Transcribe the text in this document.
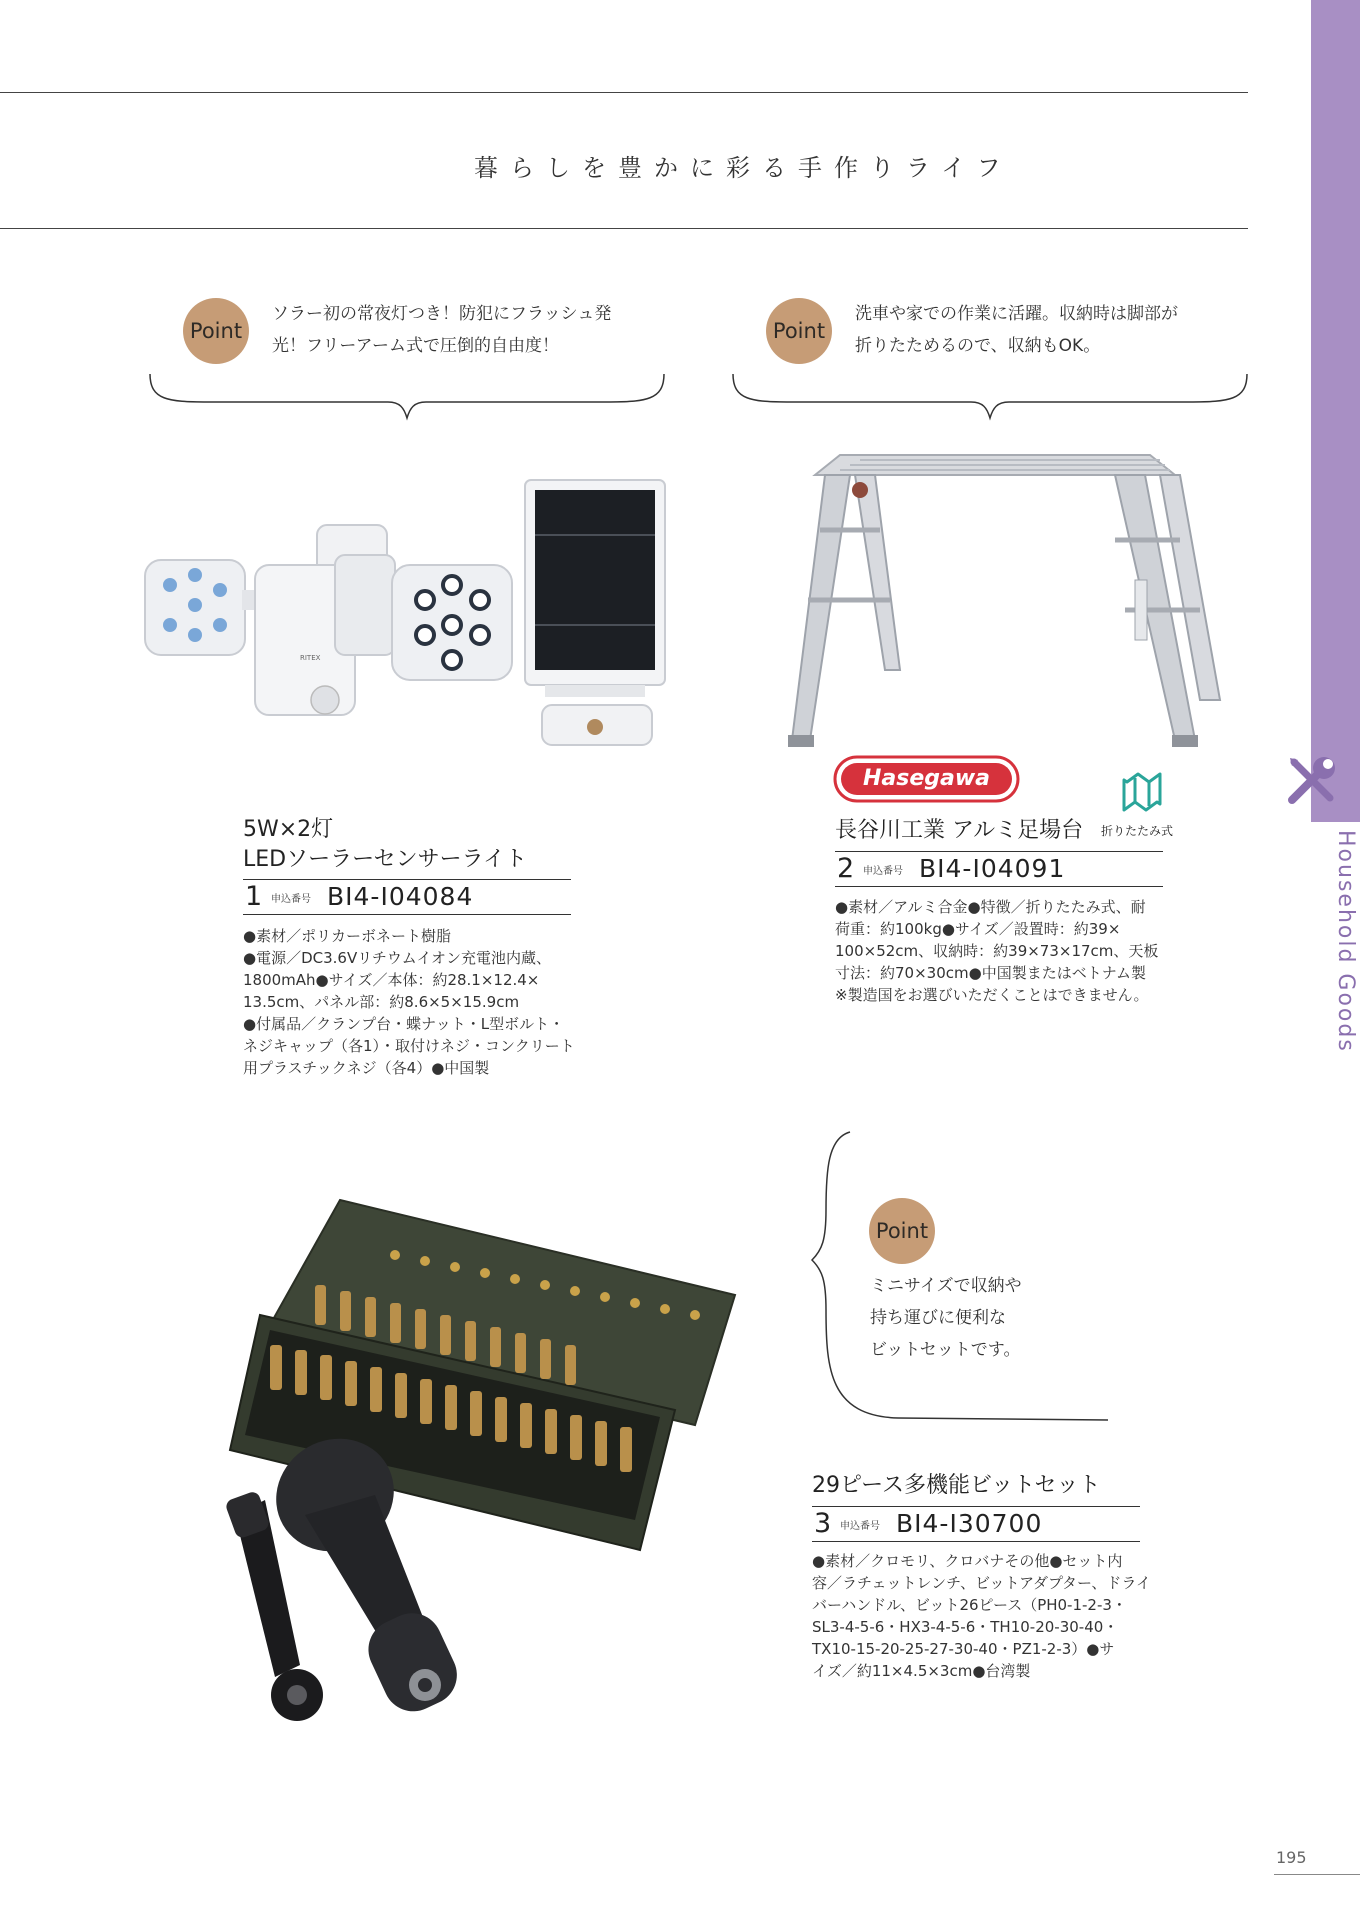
暮らしを豊かに彩る手作りライフ
Household Goods
Point
ソラー初の常夜灯つき！防犯にフラッシュ発
光！フリーアーム式で圧倒的自由度！
RITEX
5W×2灯
LEDソーラーセンサーライト
1 申込番号 BI4-I04084
●素材／ポリカーボネート樹脂
●電源／DC3.6Vリチウムイオン充電池内蔵、
1800mAh●サイズ／本体：約28.1×12.4×
13.5cm、パネル部：約8.6×5×15.9cm
●付属品／クランプ台・蝶ナット・L型ボルト・
ネジキャップ（各1）・取付けネジ・コンクリート
用プラスチックネジ（各4）●中国製
Point
洗車や家での作業に活躍。収納時は脚部が
折りたためるので、収納もOK。
Hasegawa
長谷川工業 アルミ足場台	折りたたみ式
2 申込番号 BI4-I04091
●素材／アルミ合金●特徴／折りたたみ式、耐
荷重：約100kg●サイズ／設置時：約39×
100×52cm、収納時：約39×73×17cm、天板
寸法：約70×30cm●中国製またはベトナム製
※製造国をお選びいただくことはできません。
Point
ミニサイズで収納や
持ち運びに便利な
ビットセットです。
29ピース多機能ビットセット
3 申込番号 BI4-I30700
●素材／クロモリ、クロバナその他●セット内
容／ラチェットレンチ、ビットアダプター、ドライ
バーハンドル、ビット26ピース（PH0-1-2-3・
SL3-4-5-6・HX3-4-5-6・TH10-20-30-40・
TX10-15-20-25-27-30-40・PZ1-2-3）●サ
イズ／約11×4.5×3cm●台湾製
195
